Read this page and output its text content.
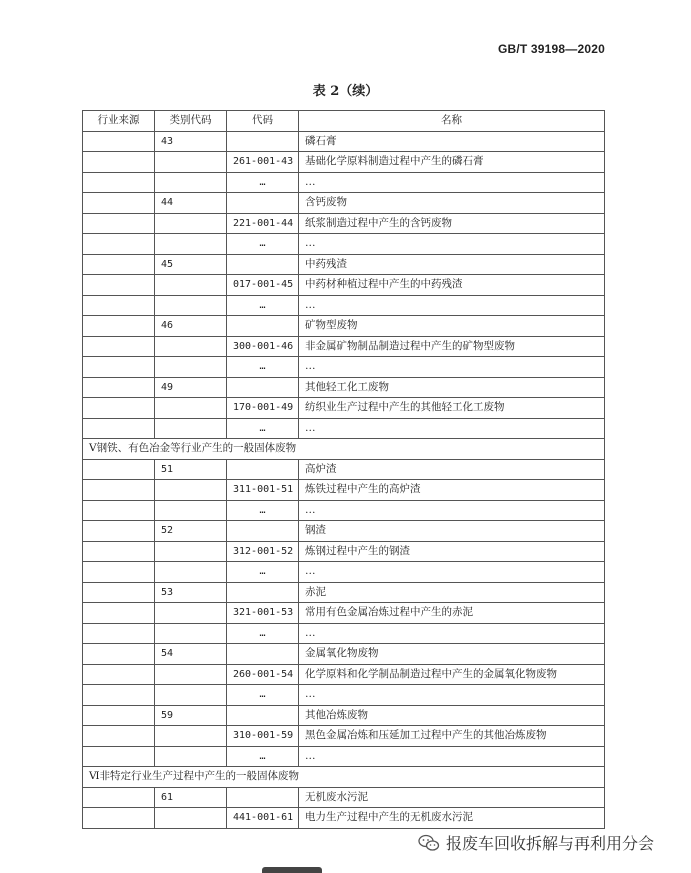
GB/T 39198—2020
表 2（续）
行业来源	类别代码	代码	名称
	43		磷石膏
		261-001-43	基础化学原料制造过程中产生的磷石膏
		…	…
	44		含钙废物
		221-001-44	纸浆制造过程中产生的含钙废物
		…	…
	45		中药残渣
		017-001-45	中药材种植过程中产生的中药残渣
		…	…
	46		矿物型废物
		300-001-46	非金属矿物制品制造过程中产生的矿物型废物
		…	…
	49		其他轻工化工废物
		170-001-49	纺织业生产过程中产生的其他轻工化工废物
		…	…
Ⅴ钢铁、有色冶金等行业产生的一般固体废物			
	51		高炉渣
		311-001-51	炼铁过程中产生的高炉渣
		…	…
	52		钢渣
		312-001-52	炼钢过程中产生的钢渣
		…	…
	53		赤泥
		321-001-53	常用有色金属冶炼过程中产生的赤泥
		…	…
	54		金属氧化物废物
		260-001-54	化学原料和化学制品制造过程中产生的金属氧化物废物
		…	…
	59		其他冶炼废物
		310-001-59	黑色金属冶炼和压延加工过程中产生的其他冶炼废物
		…	…
Ⅵ非特定行业生产过程中产生的一般固体废物			
	61		无机废水污泥
		441-001-61	电力生产过程中产生的无机废水污泥
报废车回收拆解与再利用分会
